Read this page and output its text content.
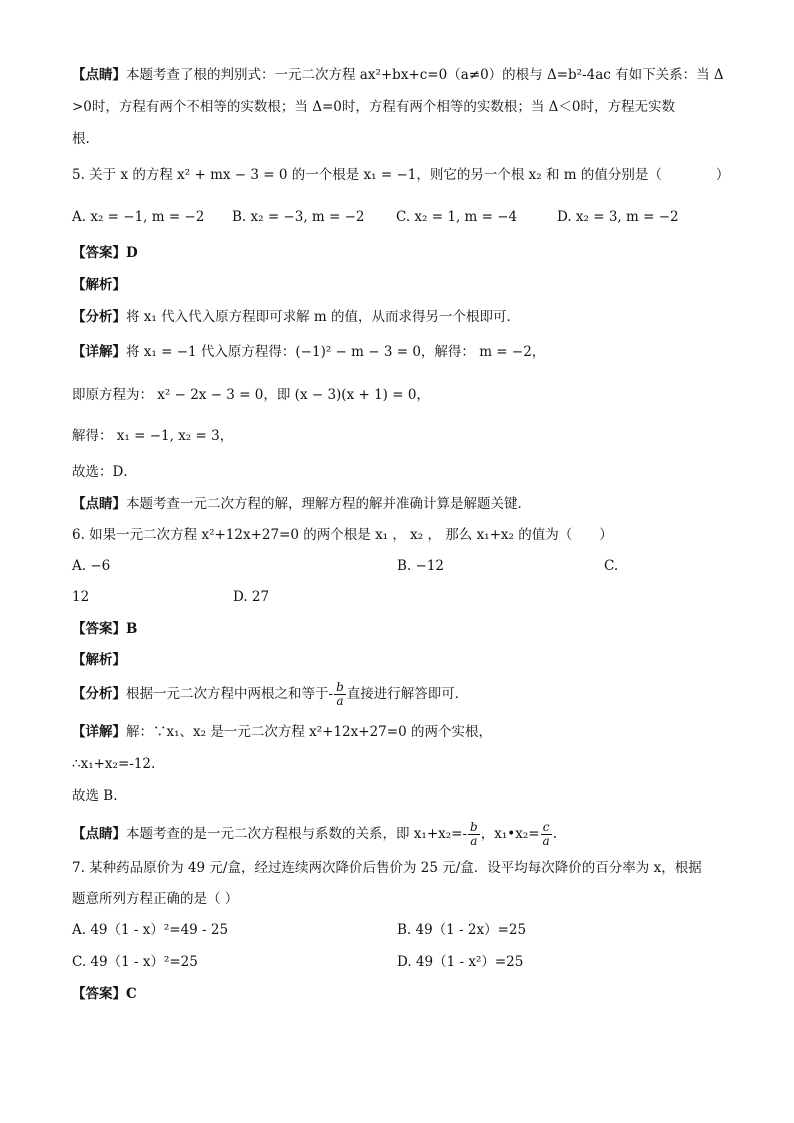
【点睛】本题考查了根的判别式：一元二次方程 ax²+bx+c=0（a≠0）的根与 Δ=b²-4ac 有如下关系：当 Δ
>0时，方程有两个不相等的实数根；当 Δ=0时，方程有两个相等的实数根；当 Δ＜0时，方程无实数
根.
5. 关于 x 的方程 x² + mx − 3 = 0 的一个根是 x₁ = −1，则它的另一个根 x₂ 和 m 的值分别是（　　　　）
A. x₂ = −1, m = −2 B. x₂ = −3, m = −2 C. x₂ = 1, m = −4	D. x₂ = 3, m = −2
【答案】D
【解析】
【分析】将 x₁ 代入代入原方程即可求解 m 的值，从而求得另一个根即可．
【详解】将 x₁ = −1 代入原方程得：(−1)² − m − 3 = 0，解得： m = −2，
即原方程为： x² − 2x − 3 = 0，即 (x − 3)(x + 1) = 0，
解得： x₁ = −1, x₂ = 3，
故选：D．
【点睛】本题考查一元二次方程的解，理解方程的解并准确计算是解题关键．
6. 如果一元二次方程 x²+12x+27=0 的两个根是 x₁ ， x₂ ， 那么 x₁+x₂ 的值为（　　）
A. −6	B. −12	C.
12	D. 27
【答案】B
【解析】
【分析】根据一元二次方程中两根之和等于- $\frac{b}{a}$ 直接进行解答即可．
【详解】解：∵x₁、x₂ 是一元二次方程 x²+12x+27=0 的两个实根，
∴x₁+x₂=-12.
故选 B.
【点睛】本题考查的是一元二次方程根与系数的关系，即 $x_1+x_2=- \frac{b}{a}$ ，x₁•x₂= $\frac{c}{a}$ .
7. 某种药品原价为 49 元/盒，经过连续两次降价后售价为 25 元/盒．设平均每次降价的百分率为 x，根据
题意所列方程正确的是（ ）
A. 49（1 - x）²=49 - 25	B. 49（1 - 2x）=25
C. 49（1 - x）²=25	D. 49（1 - x²）=25
【答案】C
